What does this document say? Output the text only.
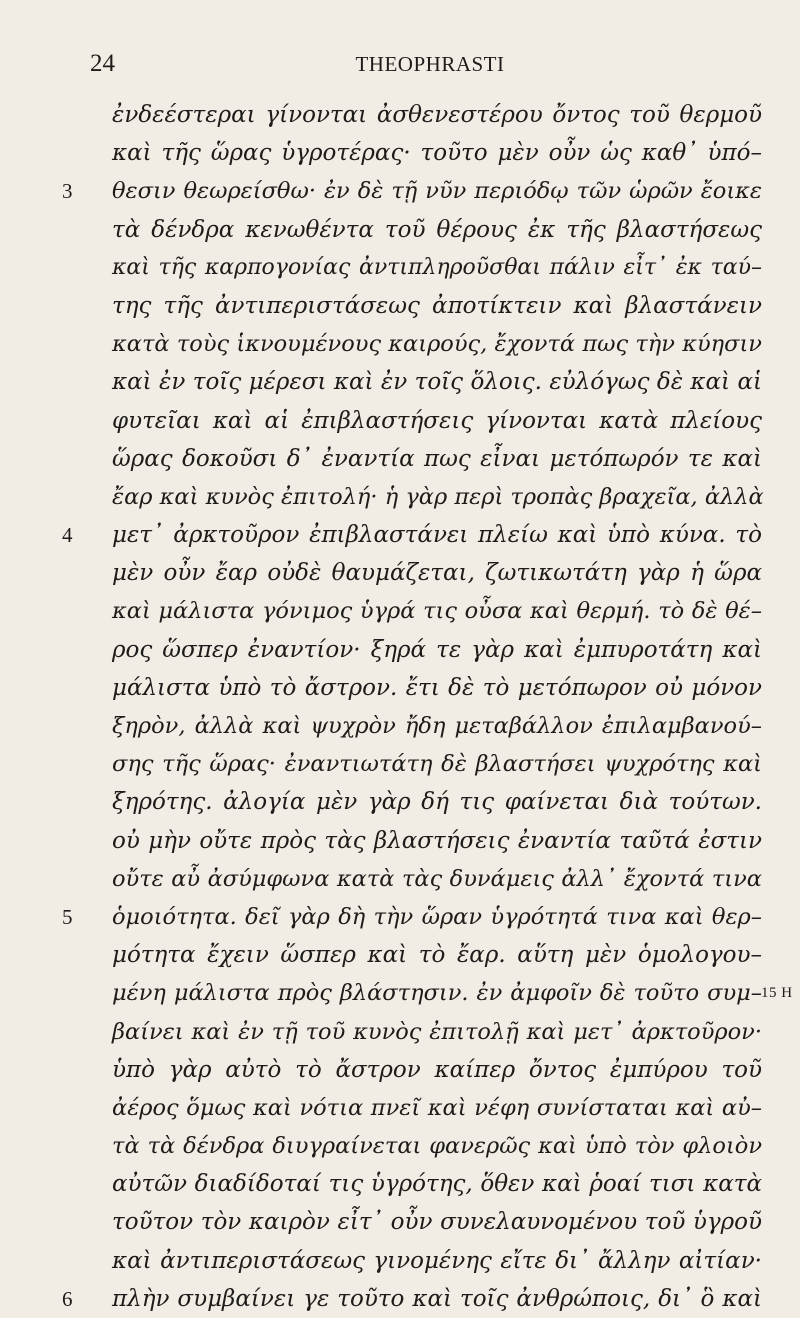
24	THEOPHRASTI
ἐνδεέστεραι γίνονται ἀσθενεστέρου ὄντος τοῦ θερμοῦ
καὶ τῆς ὥρας ὑγροτέρας· τοῦτο μὲν οὖν ὡς καθ᾽ ὑπό–
3 θεσιν θεωρείσθω· ἐν δὲ τῇ νῦν περιόδῳ τῶν ὡρῶν ἔοικε
τὰ δένδρα κενωθέντα τοῦ θέρους ἐκ τῆς βλαστήσεως
καὶ τῆς καρπογονίας ἀντιπληροῦσθαι πάλιν εἶτ᾽ ἐκ ταύ–
της τῆς ἀντιπεριστάσεως ἀποτίκτειν καὶ βλαστάνειν
κατὰ τοὺς ἱκνουμένους καιρούς, ἔχοντά πως τὴν κύησιν
καὶ ἐν τοῖς μέρεσι καὶ ἐν τοῖς ὅλοις. εὐλόγως δὲ καὶ αἱ
φυτεῖαι καὶ αἱ ἐπιβλαστήσεις γίνονται κατὰ πλείους
ὥρας δοκοῦσι δ᾽ ἐναντία πως εἶναι μετόπωρόν τε καὶ
ἔαρ καὶ κυνὸς ἐπιτολή· ἡ γὰρ περὶ τροπὰς βραχεῖα, ἀλλὰ
4 μετ᾽ ἀρκτοῦρον ἐπιβλαστάνει πλείω καὶ ὑπὸ κύνα. τὸ
μὲν οὖν ἔαρ οὐδὲ θαυμάζεται, ζωτικωτάτη γὰρ ἡ ὥρα
καὶ μάλιστα γόνιμος ὑγρά τις οὖσα καὶ θερμή. τὸ δὲ θέ–
ρος ὥσπερ ἐναντίον· ξηρά τε γὰρ καὶ ἐμπυροτάτη καὶ
μάλιστα ὑπὸ τὸ ἄστρον. ἔτι δὲ τὸ μετόπωρον οὐ μόνον
ξηρὸν, ἀλλὰ καὶ ψυχρὸν ἤδη μεταβάλλον ἐπιλαμβανού–
σης τῆς ὥρας· ἐναντιωτάτη δὲ βλαστήσει ψυχρότης καὶ
ξηρότης. ἀλογία μὲν γὰρ δή τις φαίνεται διὰ τούτων.
οὐ μὴν οὔτε πρὸς τὰς βλαστήσεις ἐναντία ταῦτά ἐστιν
οὔτε αὖ ἀσύμφωνα κατὰ τὰς δυνάμεις ἀλλ᾽ ἔχοντά τινα
5 ὁμοιότητα. δεῖ γὰρ δὴ τὴν ὥραν ὑγρότητά τινα καὶ θερ–
μότητα ἔχειν ὥσπερ καὶ τὸ ἔαρ. αὕτη μὲν ὁμολογου–
μένη μάλιστα πρὸς βλάστησιν. ἐν ἀμφοῖν δὲ τοῦτο συμ– 15 H
βαίνει καὶ ἐν τῇ τοῦ κυνὸς ἐπιτολῇ καὶ μετ᾽ ἀρκτοῦρον·
ὑπὸ γὰρ αὐτὸ τὸ ἄστρον καίπερ ὄντος ἐμπύρου τοῦ
ἀέρος ὅμως καὶ νότια πνεῖ καὶ νέφη συνίσταται καὶ αὐ–
τὰ τὰ δένδρα διυγραίνεται φανερῶς καὶ ὑπὸ τὸν φλοιὸν
αὐτῶν διαδίδοταί τις ὑγρότης, ὅθεν καὶ ῥοαί τισι κατὰ
τοῦτον τὸν καιρὸν εἶτ᾽ οὖν συνελαυνομένου τοῦ ὑγροῦ
καὶ ἀντιπεριστάσεως γινομένης εἴτε δι᾽ ἄλλην αἰτίαν·
6 πλὴν συμβαίνει γε τοῦτο καὶ τοῖς ἀνθρώποις, δι᾽ ὃ καὶ
